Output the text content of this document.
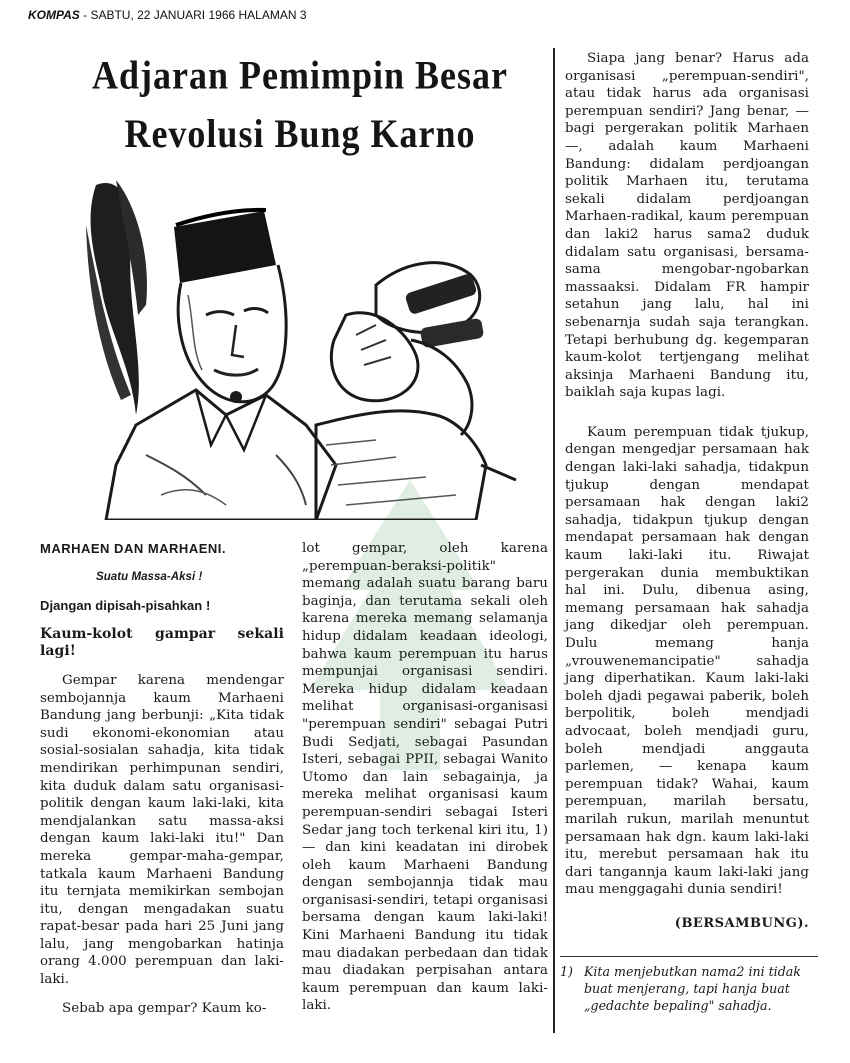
KOMPAS - SABTU, 22 JANUARI 1966 HALAMAN 3
Adjaran Pemimpin Besar
Revolusi Bung Karno

MARHAEN DAN MARHAENI.

Suatu Massa-Aksi !

Djangan dipisah-pisahkan !

Kaum-kolot gampar sekali lagi!

Gempar karena mendengar sembojannja kaum Marhaeni Bandung jang berbunji: „Kita tidak sudi ekonomi-ekonomian atau sosial-sosialan sahadja, kita tidak mendirikan perhimpunan sendiri, kita duduk dalam satu organisasi-politik dengan kaum laki-laki, kita mendjalankan satu massa-aksi dengan kaum laki-laki itu!" Dan mereka gempar-maha-gempar, tatkala kaum Marhaeni Bandung itu ternjata memikirkan sembojan itu, dengan mengadakan suatu rapat-besar pada hari 25 Juni jang lalu, jang mengobarkan hatinja orang 4.000 perempuan dan laki-laki.

Sebab apa gempar? Kaum ko-

lot gempar, oleh karena „perempuan-beraksi-politik" memang adalah suatu barang baru baginja, dan terutama sekali oleh karena mereka memang selamanja hidup didalam keadaan ideologi, bahwa kaum perempuan itu harus mempunjai organisasi sendiri. Mereka hidup didalam keadaan melihat organisasi-organisasi "perempuan sendiri" sebagai Putri Budi Sedjati, sebagai Pasundan Isteri, sebagai PPII, sebagai Wanito Utomo dan lain sebagainja, ja mereka melihat organisasi kaum perempuan-sendiri sebagai Isteri Sedar jang toch terkenal kiri itu, 1) — dan kini keadatan ini dirobek oleh kaum Marhaeni Bandung dengan sembojannja tidak mau organisasi-sendiri, tetapi organisasi bersama dengan kaum laki-laki! Kini Marhaeni Bandung itu tidak mau diadakan perbedaan dan tidak mau diadakan perpisahan antara kaum perempuan dan kaum laki-laki.

Siapa jang benar? Harus ada organisasi „perempuan-sendiri", atau tidak harus ada organisasi perempuan sendiri? Jang benar, — bagi pergerakan politik Marhaen —, adalah kaum Marhaeni Bandung: didalam perdjoangan politik Marhaen itu, terutama sekali didalam perdjoangan Marhaen-radikal, kaum perempuan dan laki2 harus sama2 duduk didalam satu organisasi, bersama-sama mengobar-ngobarkan massaaksi. Didalam FR hampir setahun jang lalu, hal ini sebenarnja sudah saja terangkan. Tetapi berhubung dg. kegemparan kaum-kolot tertjengang melihat aksinja Marhaeni Bandung itu, baiklah saja kupas lagi.

Kaum perempuan tidak tjukup, dengan mengedjar persamaan hak dengan laki-laki sahadja, tidakpun tjukup dengan mendapat persamaan hak dengan laki2 sahadja, tidakpun tjukup dengan mendapat persamaan hak dengan kaum laki-laki itu. Riwajat pergerakan dunia membuktikan hal ini. Dulu, dibenua asing, memang persamaan hak sahadja jang dikedjar oleh perempuan. Dulu memang hanja „vrouwenemancipatie" sahadja jang diperhatikan. Kaum laki-laki boleh djadi pegawai paberik, boleh berpolitik, boleh mendjadi advocaat, boleh mendjadi guru, boleh mendjadi anggauta parlemen, — kenapa kaum perempuan tidak? Wahai, kaum perempuan, marilah bersatu, marilah rukun, marilah menuntut persamaan hak dgn. kaum laki-laki itu, merebut persamaan hak itu dari tangannja kaum laki-laki jang mau menggagahi dunia sendiri!

(BERSAMBUNG).

1) Kita menjebutkan nama2 ini tidak buat menjerang, tapi hanja buat „gedachte bepaling" sahadja.
